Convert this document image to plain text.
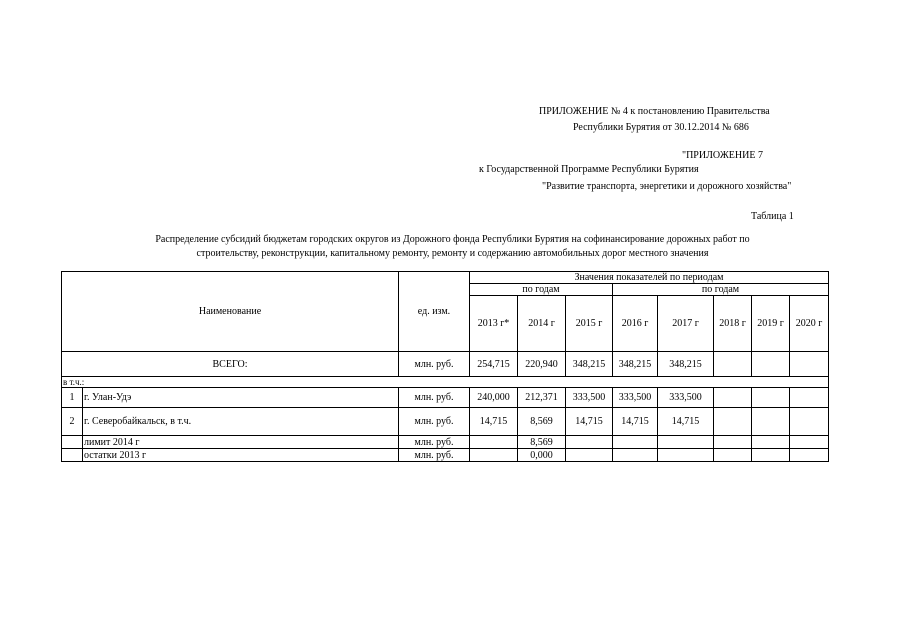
ПРИЛОЖЕНИЕ № 4 к постановлению Правительства
Республики Бурятия от 30.12.2014 № 686
"ПРИЛОЖЕНИЕ 7
к Государственной Программе Республики Бурятия
"Развитие транспорта, энергетики и дорожного хозяйства"
Таблица 1
Распределение субсидий бюджетам городских округов из Дорожного фонда Республики Бурятия на софинансирование дорожных работ по
строительству, реконструкции, капитальному ремонту, ремонту и содержанию автомобильных дорог местного значения
Наименование		ед. изм.	Значения показателей по периодам							
			по годам			по годам				
			2013 г*	2014 г	2015 г	2016 г	2017 г	2018 г	2019 г	2020 г
ВСЕГО:		млн. руб.	254,715	220,940	348,215	348,215	348,215			
в т.ч.:										
1	г. Улан-Удэ	млн. руб.	240,000	212,371	333,500	333,500	333,500			
2	г. Северобайкальск, в т.ч.	млн. руб.	14,715	8,569	14,715	14,715	14,715			
	лимит 2014 г	млн. руб.		8,569						
	остатки 2013 г	млн. руб.		0,000						
